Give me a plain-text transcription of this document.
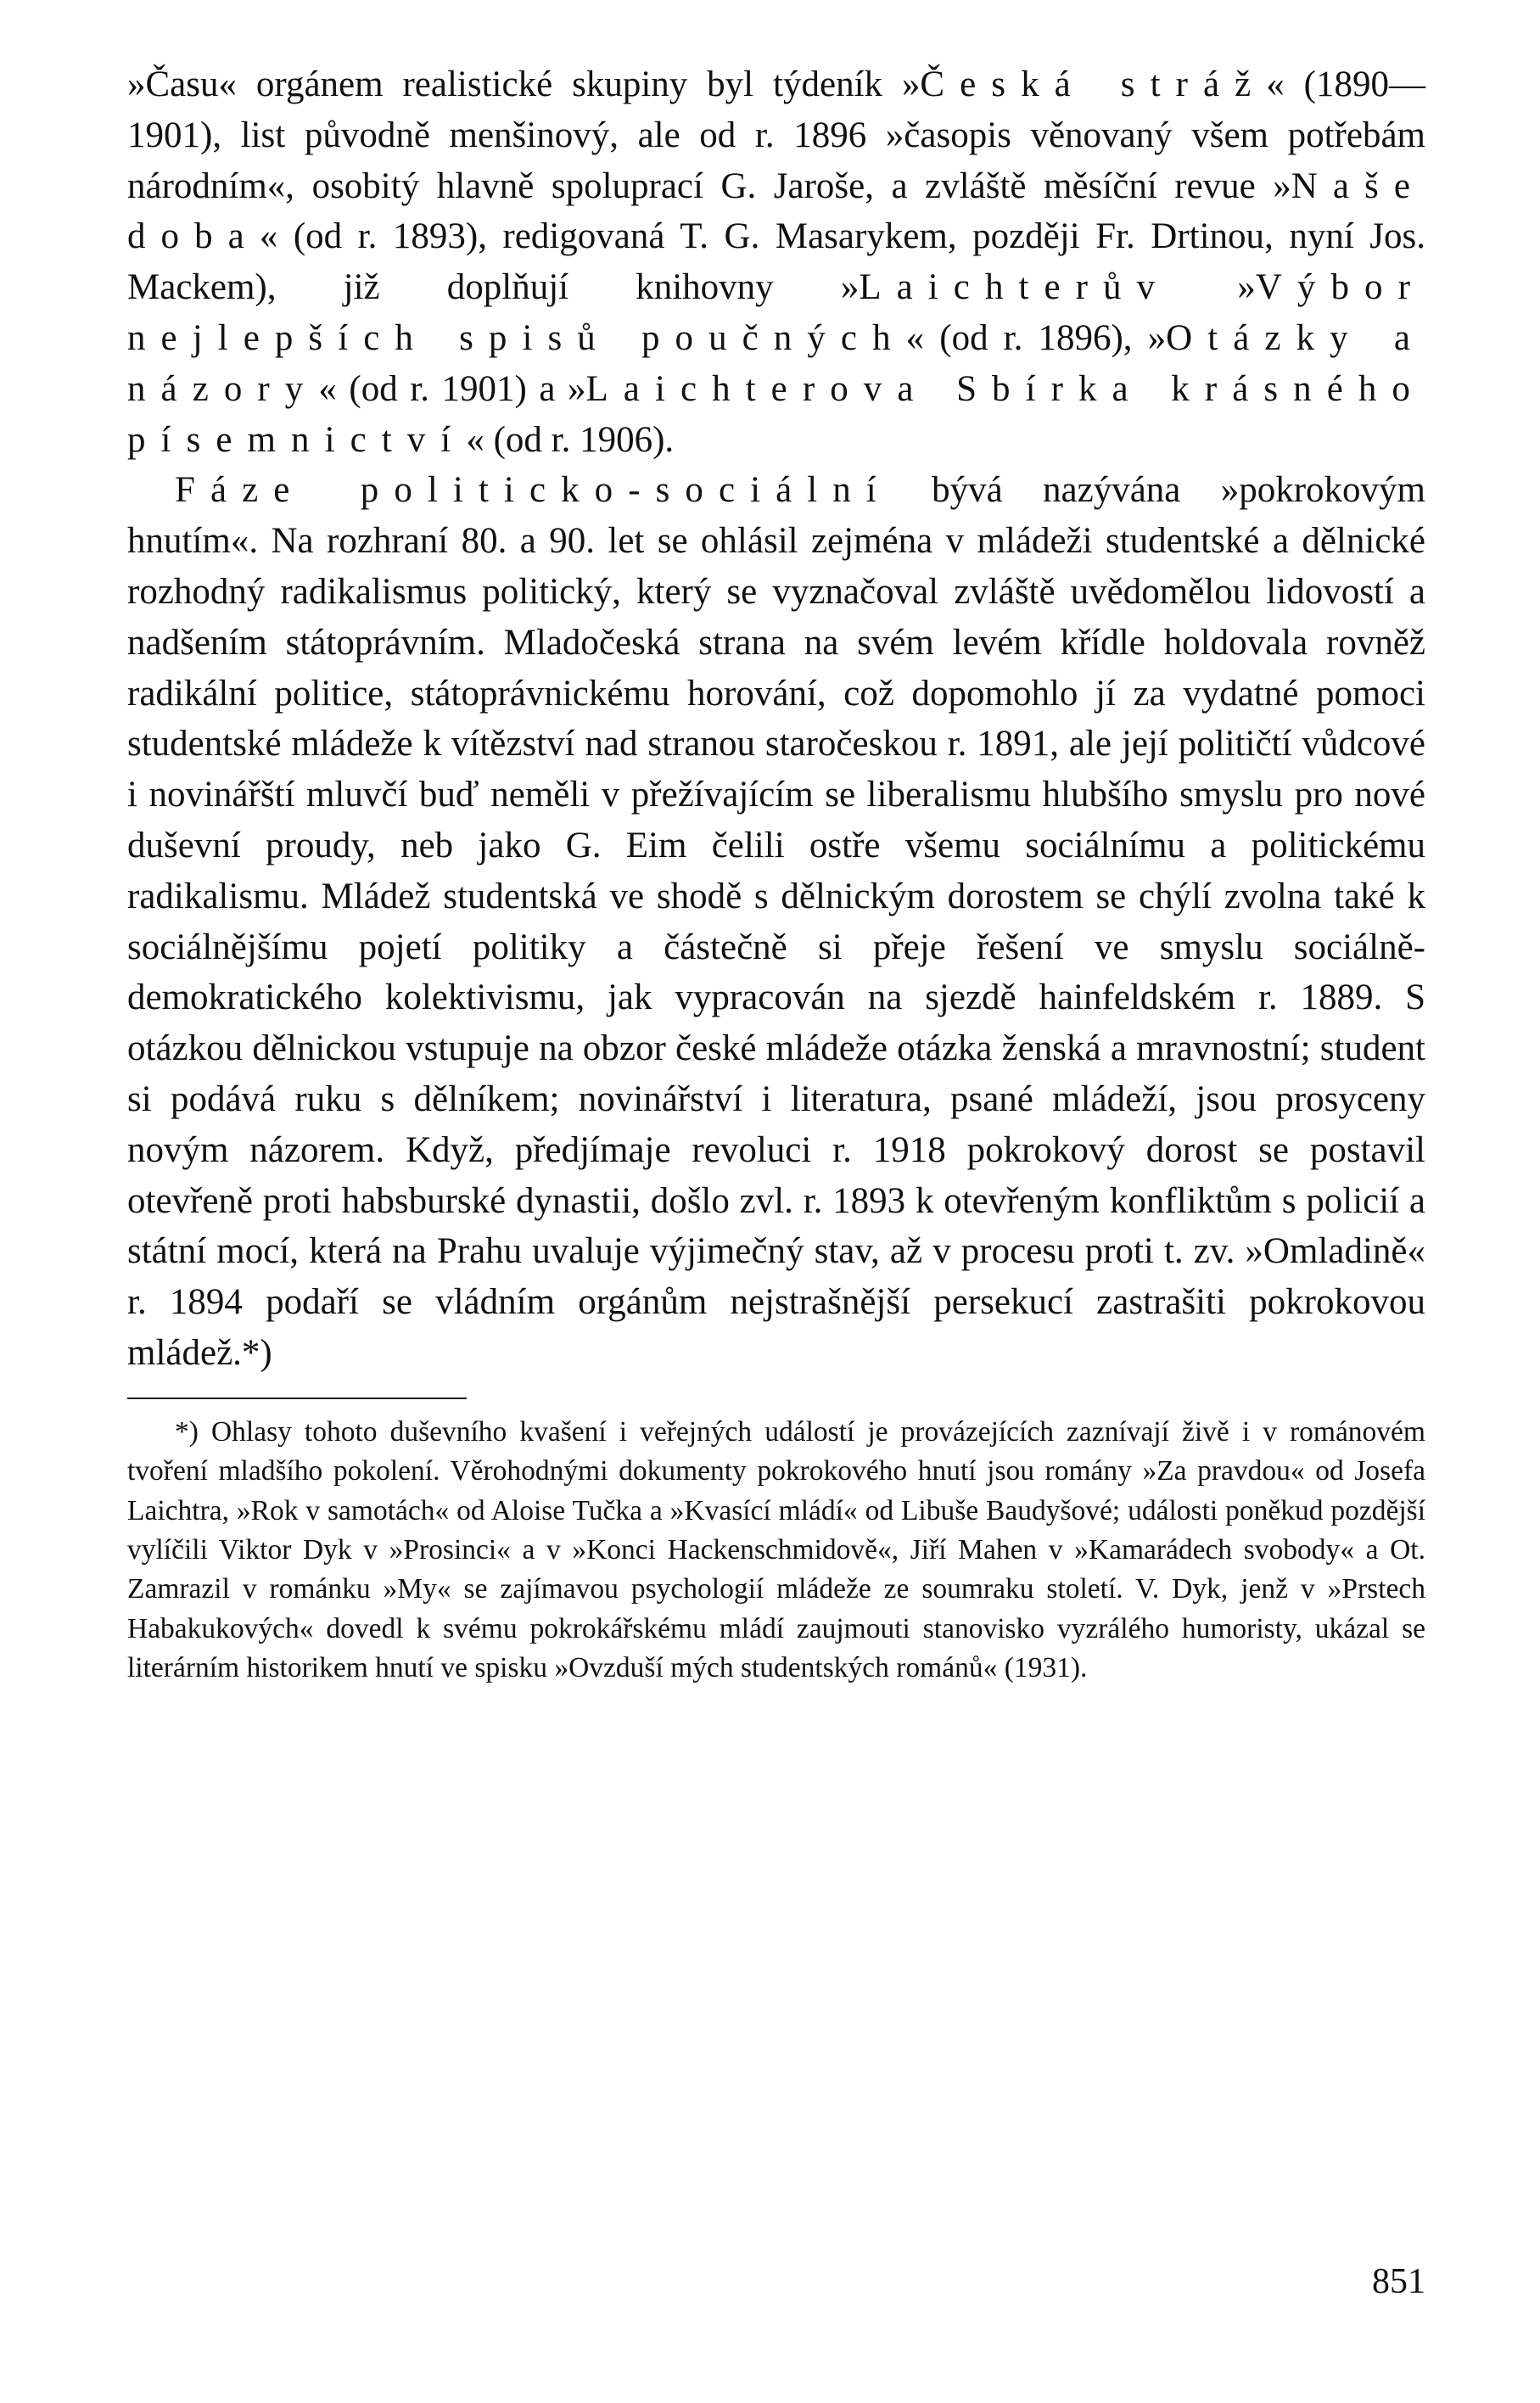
»Času« orgánem realistické skupiny byl týdeník »Česká stráž« (1890—1901), list původně menšinový, ale od r. 1896 »časopis věnovaný všem potřebám národním«, osobitý hlavně spoluprací G. Jaroše, a zvláště měsíční revue »Naše doba« (od r. 1893), redigovaná T. G. Masarykem, později Fr. Drtinou, nyní Jos. Mackem), již doplňují knihovny »Laichterův »Výbor nejlepších spisů poučných« (od r. 1896), »Otázky a názory« (od r. 1901) a »Laichterova Sbírka krásného písemnictví« (od r. 1906).

Fáze politicko-sociální bývá nazývána »pokrokovým hnutím«. Na rozhraní 80. a 90. let se ohlásil zejména v mládeži studentské a dělnické rozhodný radikalismus politický, který se vyznačoval zvláště uvědomělou lidovostí a nadšením státoprávním. Mladočeská strana na svém levém křídle holdovala rovněž radikální politice, státoprávnickému horování, což dopomohlo jí za vydatné pomoci studentské mládeže k vítězství nad stranou staročeskou r. 1891, ale její političtí vůdcové i novinářští mluvčí buď neměli v přežívajícím se liberalismu hlubšího smyslu pro nové duševní proudy, neb jako G. Eim čelili ostře všemu sociálnímu a politickému radikalismu. Mládež studentská ve shodě s dělnickým dorostem se chýlí zvolna také k sociálnějšímu pojetí politiky a částečně si přeje řešení ve smyslu sociálně-demokratického kolektivismu, jak vypracován na sjezdě hainfeldském r. 1889. S otázkou dělnickou vstupuje na obzor české mládeže otázka ženská a mravnostní; student si podává ruku s dělníkem; novinářství i literatura, psané mládeží, jsou prosyceny novým názorem. Když, předjímaje revoluci r. 1918 pokrokový dorost se postavil otevřeně proti habsburské dynastii, došlo zvl. r. 1893 k otevřeným konfliktům s policií a státní mocí, která na Prahu uvaluje výjimečný stav, až v procesu proti t. zv. »Omladině« r. 1894 podaří se vládním orgánům nejstrašnější persekucí zastrašiti pokrokovou mládež.*)

*) Ohlasy tohoto duševního kvašení i veřejných událostí je provázejících zaznívají živě i v románovém tvoření mladšího pokolení. Věrohodnými dokumenty pokrokového hnutí jsou romány »Za pravdou« od Josefa Laichtra, »Rok v samotách« od Aloise Tučka a »Kvasící mládí« od Libuše Baudyšové; události poněkud pozdější vylíčili Viktor Dyk v »Prosinci« a v »Konci Hackenschmidově«, Jiří Mahen v »Kamarádech svobody« a Ot. Zamrazil v románku »My« se zajímavou psychologií mládeže ze soumraku století. V. Dyk, jenž v »Prstech Habakukových« dovedl k svému pokrokářskému mládí zaujmouti stanovisko vyzrálého humoristy, ukázal se literárním historikem hnutí ve spisku »Ovzduší mých studentských románů« (1931).

851
